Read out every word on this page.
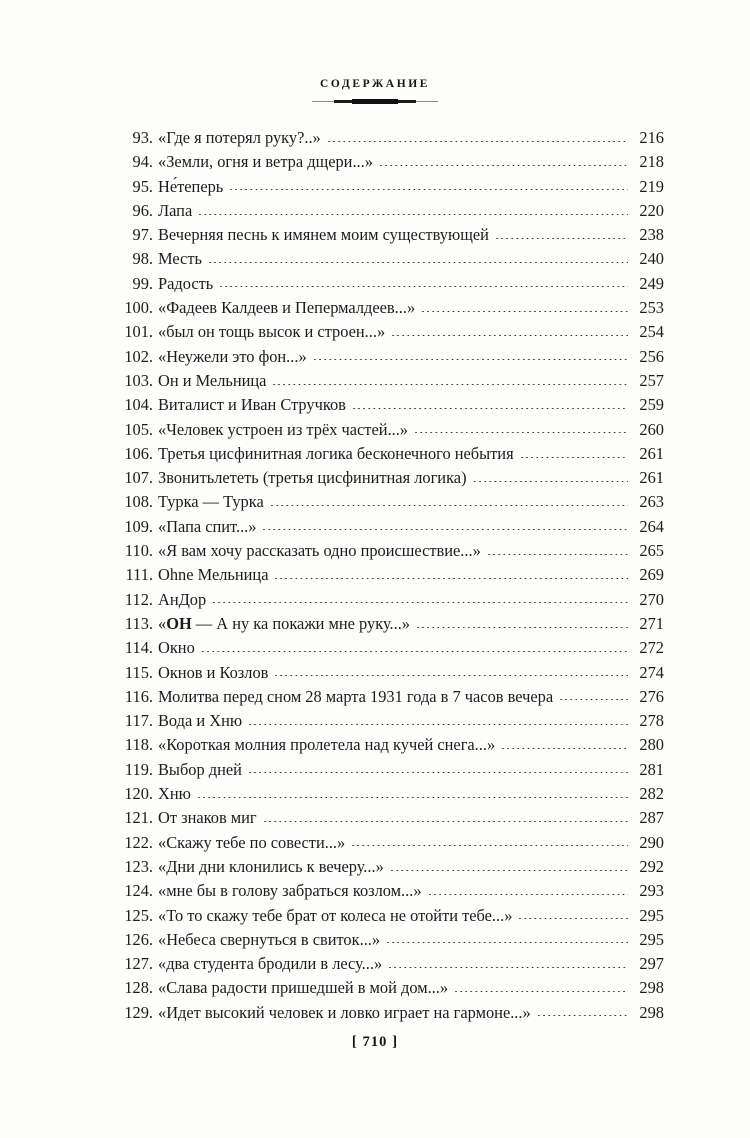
СОДЕРЖАНИЕ
93. «Где я потерял руку?..»	216
94. «Земли, огня и ветра дщери...»	218
95. Не́теперь	219
96. Лапа	220
97. Вечерняя песнь к имянем моим существующей	238
98. Месть	240
99. Радость	249
100. «Фадеев Калдеев и Пепермалдеев...»	253
101. «был он тощь высок и строен...»	254
102. «Неужели это фон...»	256
103. Он и Мельница	257
104. Виталист и Иван Стручков	259
105. «Человек устроен из трёх частей...»	260
106. Третья цисфинитная логика бесконечного небытия	261
107. Звонитьлететь (третья цисфинитная логика)	261
108. Турка — Турка	263
109. «Папа спит...»	264
110. «Я вам хочу рассказать одно происшествие...»	265
111. Ohne Мельница	269
112. АнДор	270
113. «ОН — А ну ка покажи мне руку...»	271
114. Окно	272
115. Окнов и Козлов	274
116. Молитва перед сном 28 марта 1931 года в 7 часов вечера	276
117. Вода и Хню	278
118. «Короткая молния пролетела над кучей снега...»	280
119. Выбор дней	281
120. Хню	282
121. От знаков миг	287
122. «Скажу тебе по совести...»	290
123. «Дни дни клонились к вечеру...»	292
124. «мне бы в голову забраться козлом...»	293
125. «То то скажу тебе брат от колеса не отойти тебе...»	295
126. «Небеса свернуться в свиток...»	295
127. «два студента бродили в лесу...»	297
128. «Слава радости пришедшей в мой дом...»	298
129. «Идет высокий человек и ловко играет на гармоне...»	298
[ 710 ]
